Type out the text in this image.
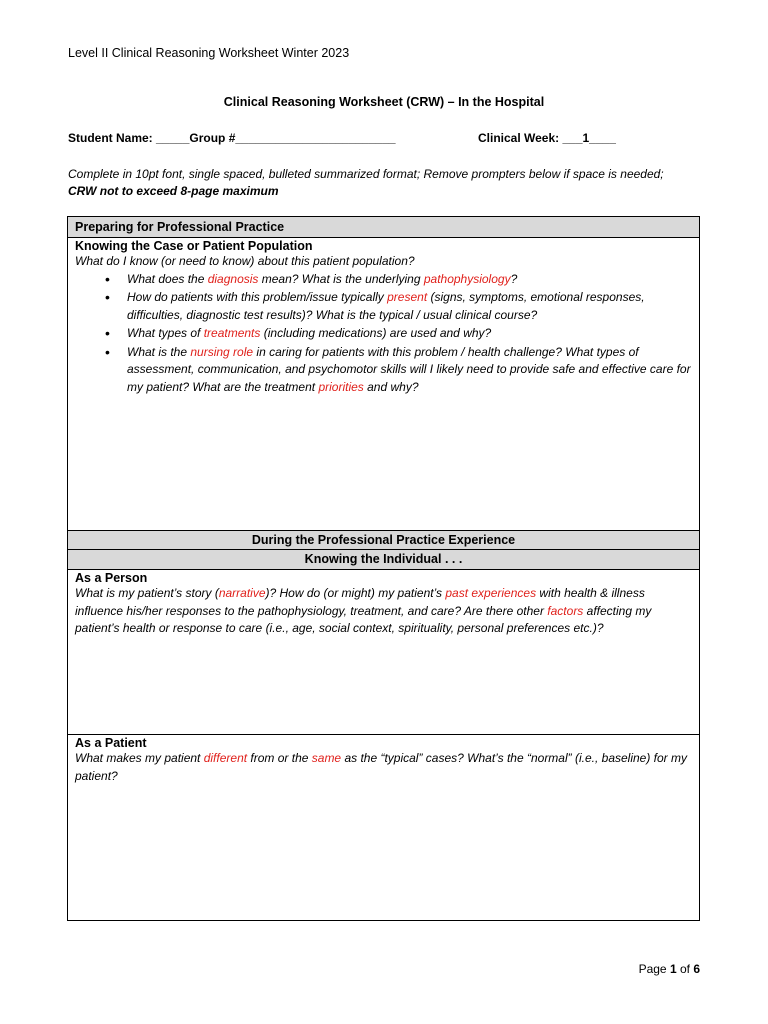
Level II Clinical Reasoning Worksheet Winter 2023
Clinical Reasoning Worksheet (CRW) – In the Hospital
Student Name: _____Group #________________________	Clinical Week: ___1____
Complete in 10pt font, single spaced, bulleted summarized format; Remove prompters below if space is needed;
CRW not to exceed 8-page maximum
Preparing for Professional Practice
Knowing the Case or Patient Population
What do I know (or need to know) about this patient population?
• What does the diagnosis mean? What is the underlying pathophysiology?
• How do patients with this problem/issue typically present (signs, symptoms, emotional responses, difficulties, diagnostic test results)? What is the typical / usual clinical course?
• What types of treatments (including medications) are used and why?
• What is the nursing role in caring for patients with this problem / health challenge? What types of assessment, communication, and psychomotor skills will I likely need to provide safe and effective care for my patient? What are the treatment priorities and why?
During the Professional Practice Experience
Knowing the Individual . . .
As a Person
What is my patient’s story (narrative)? How do (or might) my patient’s past experiences with health & illness influence his/her responses to the pathophysiology, treatment, and care? Are there other factors affecting my patient’s health or response to care (i.e., age, social context, spirituality, personal preferences etc.)?
As a Patient
What makes my patient different from or the same as the “typical” cases? What’s the “normal” (i.e., baseline) for my patient?
Page 1 of 6
